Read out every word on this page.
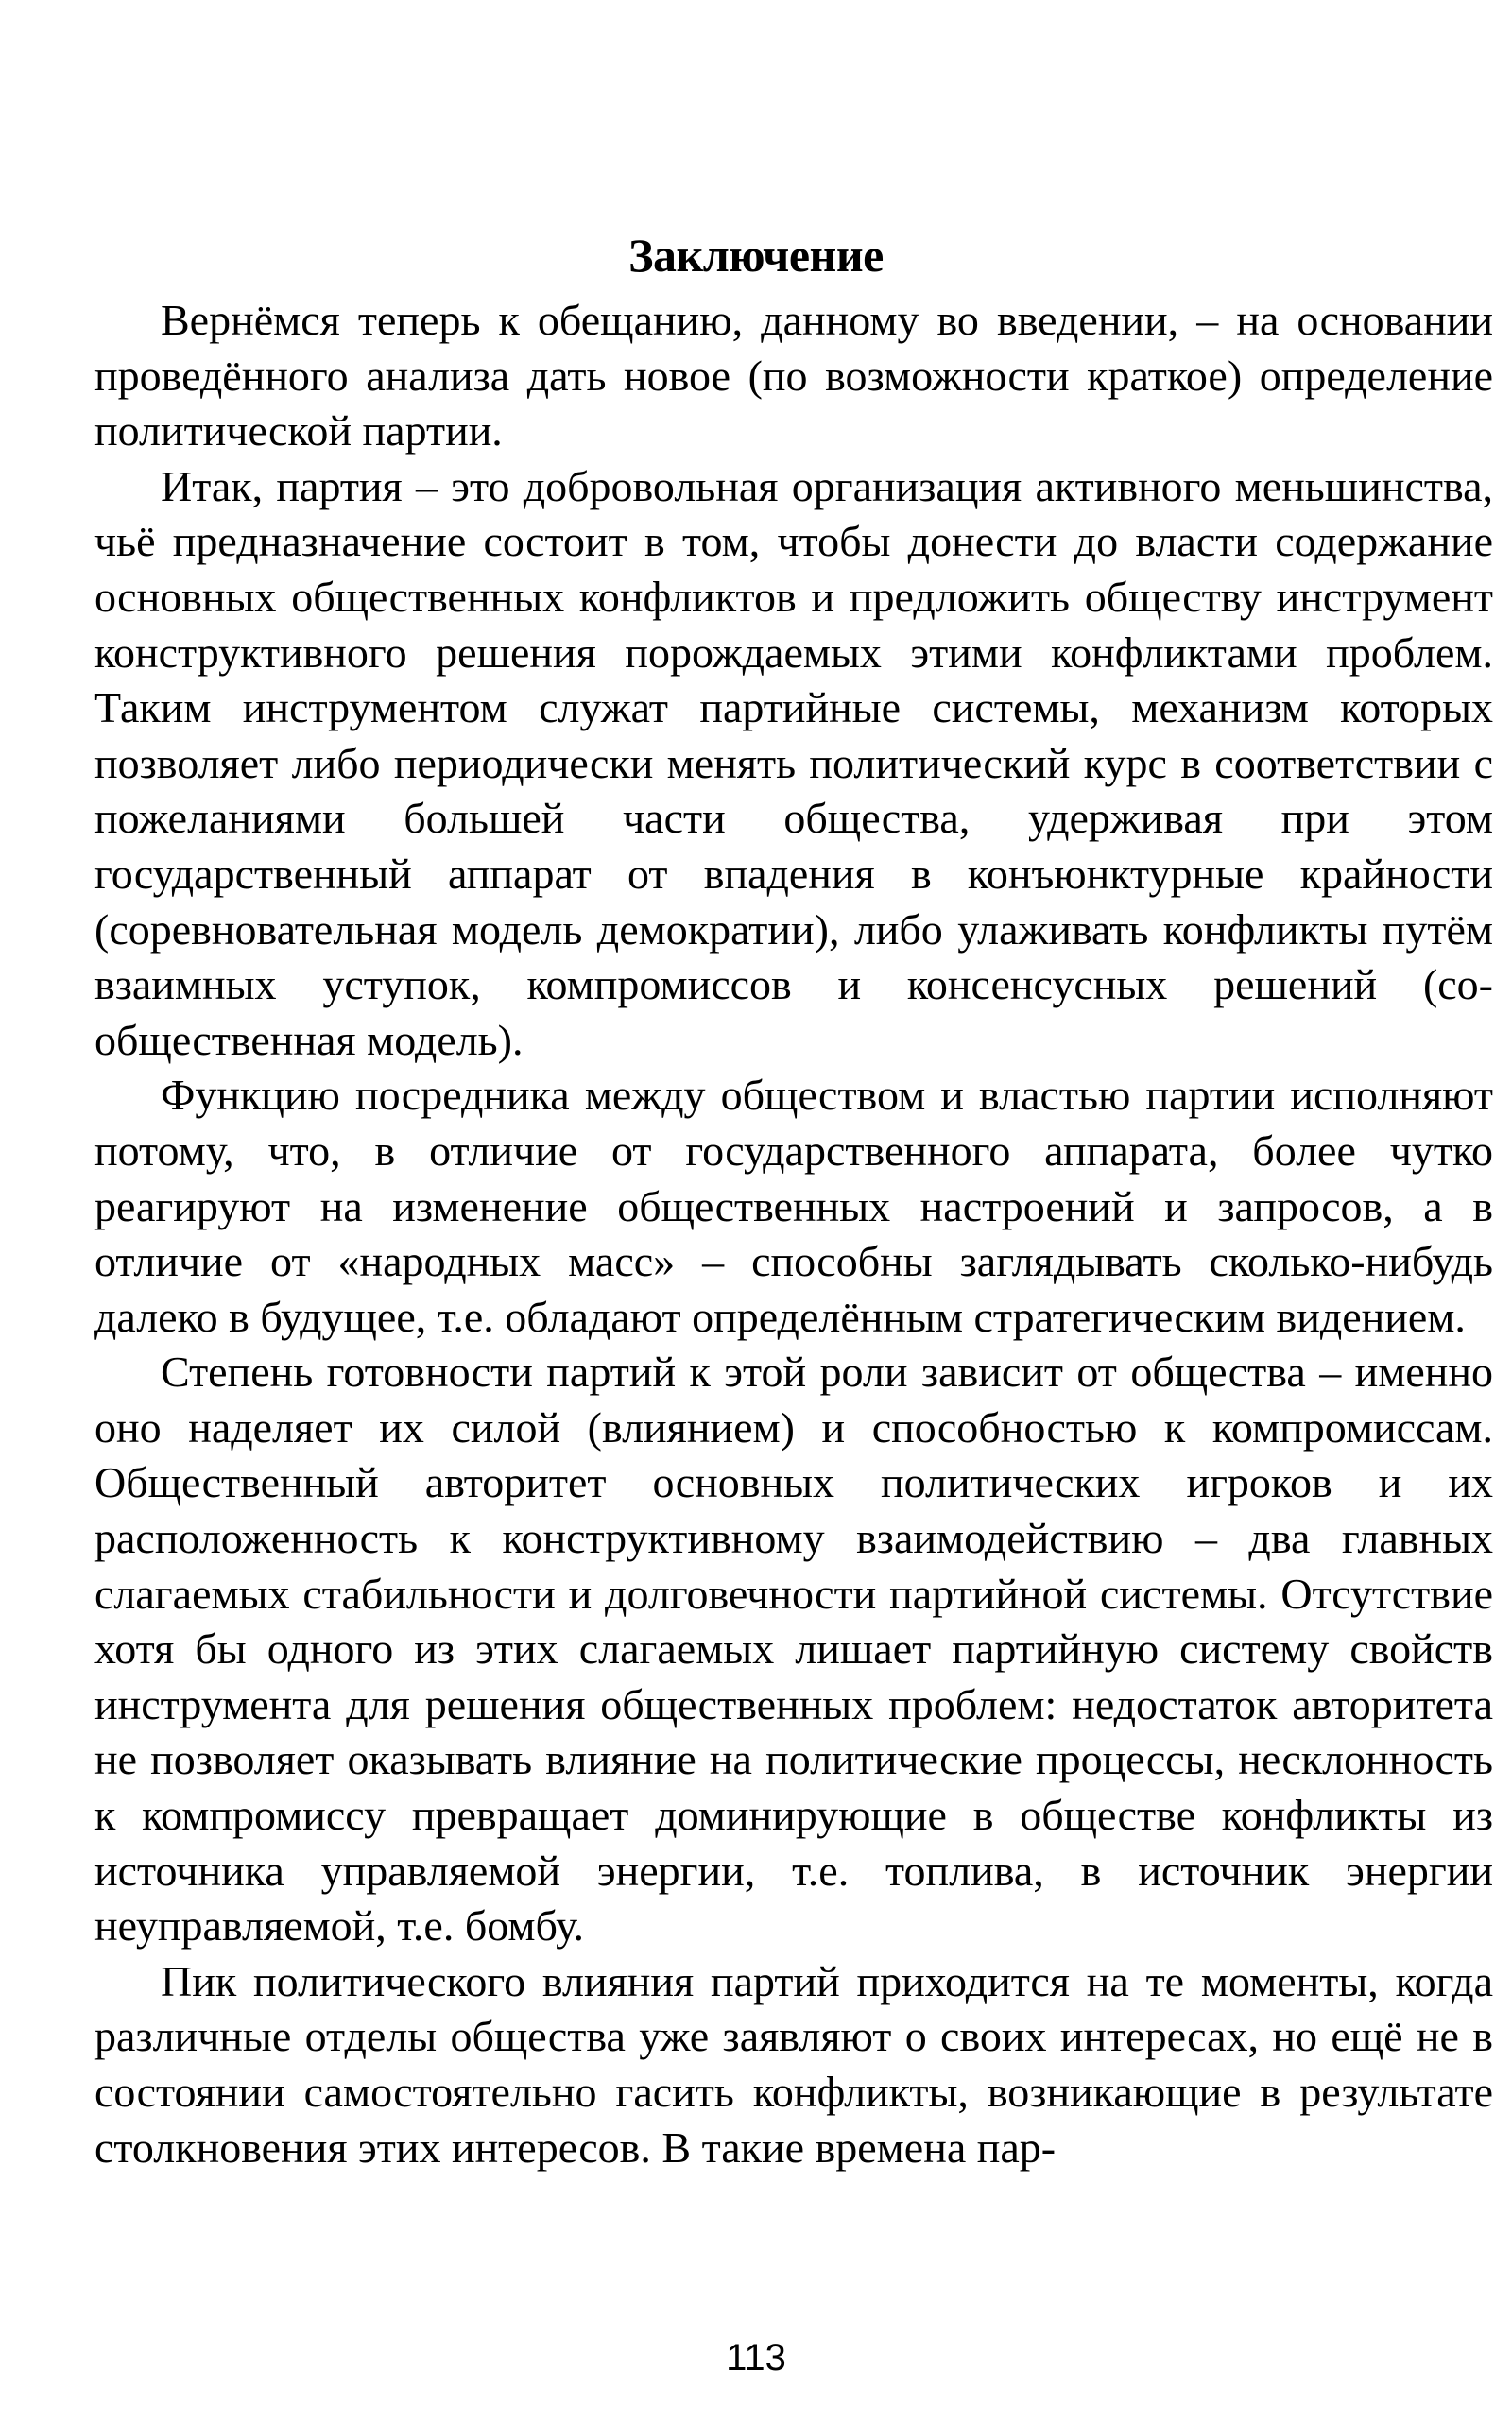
Заключение

Вернёмся теперь к обещанию, данному во введении, – на основании проведённого анализа дать новое (по возможности краткое) определение политической партии.

Итак, партия – это добровольная организация активного меньшинства, чьё предназначение состоит в том, чтобы донести до власти содержание основных общественных конфликтов и предложить обществу инструмент конструктивного решения порождаемых этими конфликтами проблем. Таким инструментом служат партийные системы, механизм которых позволяет либо периодически менять политический курс в соответствии с пожеланиями большей части общества, удерживая при этом государственный аппарат от впадения в конъюнктурные крайности (соревновательная модель демократии), либо улаживать конфликты путём взаимных уступок, компромиссов и консенсусных решений (со-общественная модель).

Функцию посредника между обществом и властью партии исполняют потому, что, в отличие от государственного аппарата, более чутко реагируют на изменение общественных настроений и запросов, а в отличие от «народных масс» – способны заглядывать сколько-нибудь далеко в будущее, т.е. обладают определённым стратегическим видением.

Степень готовности партий к этой роли зависит от общества – именно оно наделяет их силой (влиянием) и способностью к компромиссам. Общественный авторитет основных политических игроков и их расположенность к конструктивному взаимодействию – два главных слагаемых стабильности и долговечности партийной системы. Отсутствие хотя бы одного из этих слагаемых лишает партийную систему свойств инструмента для решения общественных проблем: недостаток авторитета не позволяет оказывать влияние на политические процессы, несклонность к компромиссу превращает доминирующие в обществе конфликты из источника управляемой энергии, т.е. топлива, в источник энергии неуправляемой, т.е. бомбу.

Пик политического влияния партий приходится на те моменты, когда различные отделы общества уже заявляют о своих интересах, но ещё не в состоянии самостоятельно гасить конфликты, возникающие в результате столкновения этих интересов. В такие времена пар-

113
